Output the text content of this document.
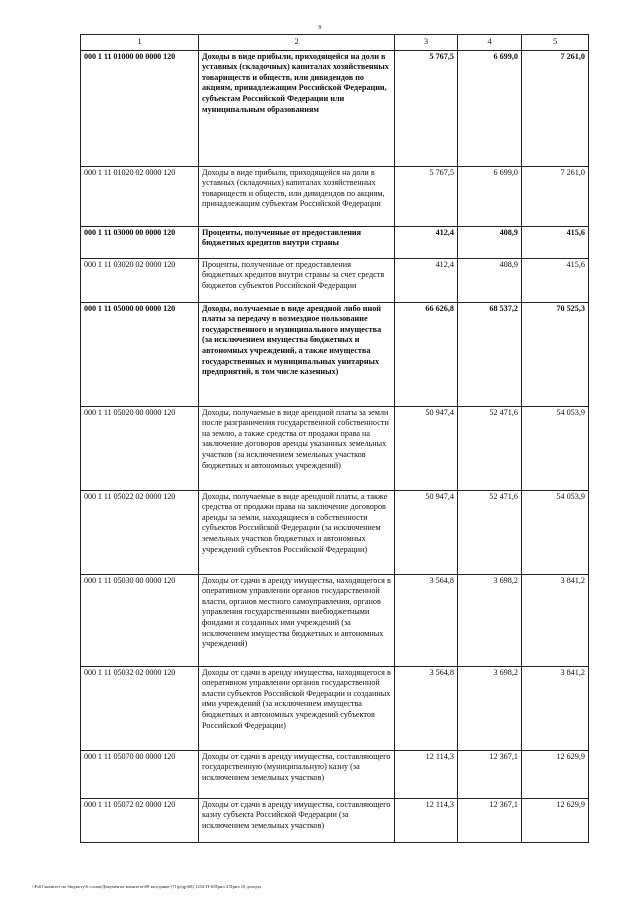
9
1	2	3	4	5
000 1 11 01000 00 0000 120	Доходы в виде прибыли, приходящейся на доли в уставных (складочных) капиталах хозяйственных товариществ и обществ, или дивидендов по акциям, принадлежащим Российской Федерации, субъектам Российской Федерации или муниципальным образованиям	5 767,5	6 699,0	7 261,0
000 1 11 01020 02 0000 120	Доходы в виде прибыли, приходящейся на доли в уставных (складочных) капиталах хозяйственных товариществ и обществ, или дивидендов по акциям, принадлежащим субъектам Российской Федерации	5 767,5	6 699,0	7 261,0
000 1 11 03000 00 0000 120	Проценты, полученные от предоставления бюджетных кредитов внутри страны	412,4	408,9	415,6
000 1 11 03020 02 0000 120	Проценты, полученные от предоставления бюджетных кредитов внутри страны за счет средств бюджетов субъектов Российской Федерации	412,4	408,9	415,6
000 1 11 05000 00 0000 120	Доходы, получаемые в виде арендной либо иной платы за передачу в возмездное пользование государственного и муниципального имущества (за исключением имущества бюджетных и автономных учреждений, а также имущества государственных и муниципальных унитарных предприятий, в том числе казенных)	66 626,8	68 537,2	70 525,3
000 1 11 05020 00 0000 120	Доходы, получаемые в виде арендной платы за земли после разграничения государственной собственности на землю, а также средства от продажи права на заключение договоров аренды указанных земельных участков (за исключением земельных участков бюджетных и автономных учреждений)	50 947,4	52 471,6	54 053,9
000 1 11 05022 02 0000 120	Доходы, получаемые в виде арендной платы, а также средства от продажи права на заключение договоров аренды за земли, находящиеся в собственности субъектов Российской Федерации (за исключением земельных участков бюджетных и автономных учреждений субъектов Российской Федерации)	50 947,4	52 471,6	54 053,9
000 1 11 05030 00 0000 120	Доходы от сдачи в аренду имущества, находящегося в оперативном управлении органов государственной власти, органов местного самоуправления, органов управления государственными внебюджетными фондами и созданных ими учреждений (за исключением имущества бюджетных и автономных учреждений)	3 564,8	3 698,2	3 841,2
000 1 11 05032 02 0000 120	Доходы от сдачи в аренду имущества, находящегося в оперативном управлении органов государственной власти субъектов Российской Федерации и созданных ими учреждений (за исключением имущества бюджетных и автономных учреждений субъектов Российской Федерации)	3 564,8	3 698,2	3 841,2
000 1 11 05070 00 0000 120	Доходы от сдачи в аренду имущества, составляющего государственную (муниципальную) казну (за исключением земельных участков)	12 114,3	12 367,1	12 629,9
000 1 11 05072 02 0000 120	Доходы от сдачи в аренду имущества, составляющего казну субъекта Российской Федерации (за исключением земельных участков)	12 114,3	12 367,1	12 629,9
\\Fs01\комитет по бюджету\6 созыв\Документы комитета\69 заседание (71)р\др\68) 1254-П-6\Прил 4 Прил 10 доходы
